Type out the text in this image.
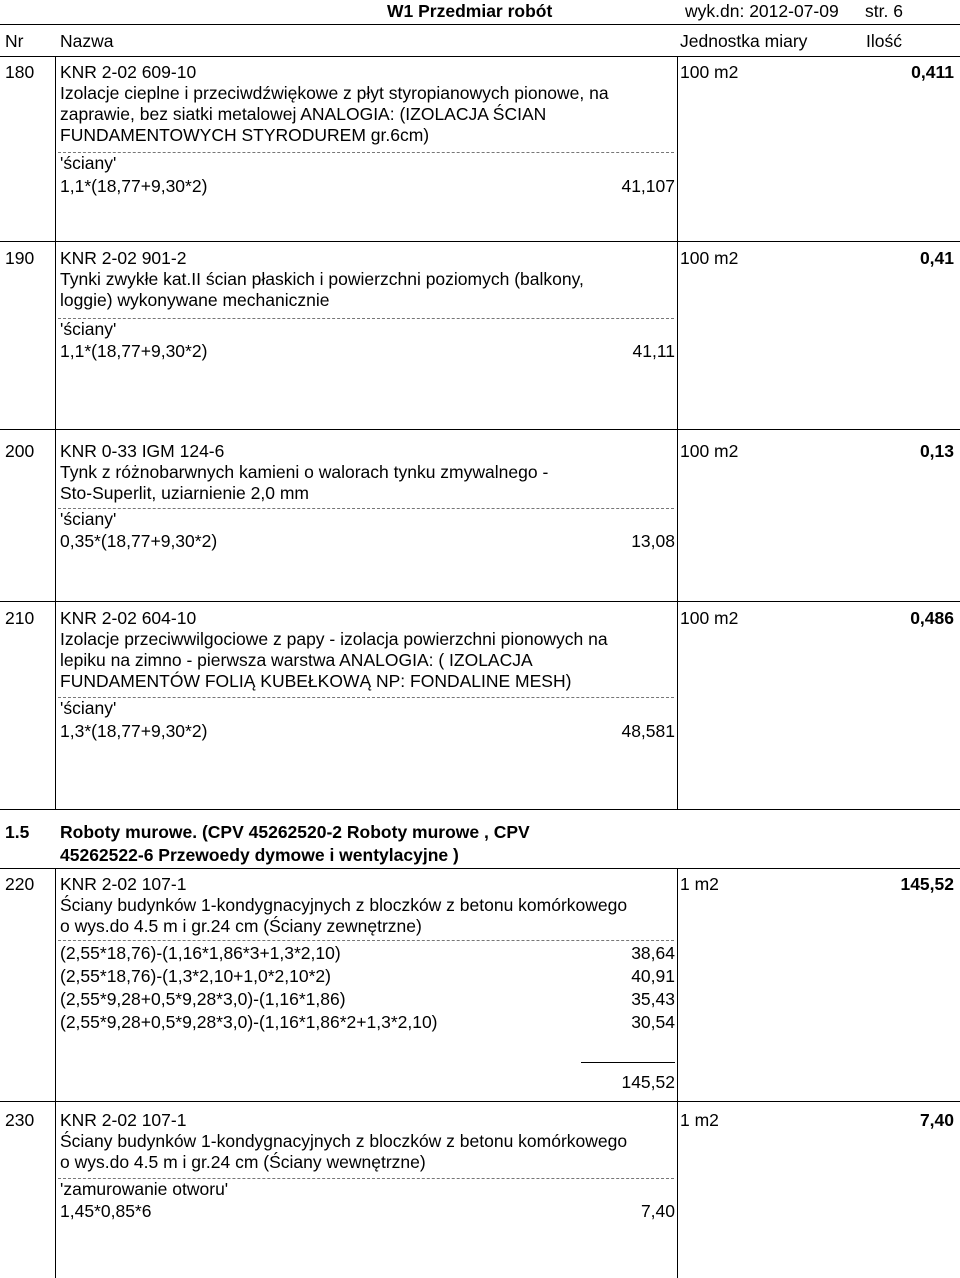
W1 Przedmiar robót	wyk.dn: 2012-07-09 str. 6
Nr Nazwa	Jednostka miary	Ilość
180 KNR 2-02 609-10
Izolacje cieplne i przeciwdźwiękowe z płyt styropianowych pionowe, na
zaprawie, bez siatki metalowej ANALOGIA: (IZOLACJA ŚCIAN
FUNDAMENTOWYCH STYRODUREM gr.6cm)
'ściany'
1,1*(18,77+9,30*2)	41,107
100 m2	0,411
190 KNR 2-02 901-2
Tynki zwykłe kat.II ścian płaskich i powierzchni poziomych (balkony,
loggie) wykonywane mechanicznie
'ściany'
1,1*(18,77+9,30*2)	41,11
100 m2	0,41
200 KNR 0-33 IGM 124-6
Tynk z różnobarwnych kamieni o walorach tynku zmywalnego -
Sto-Superlit, uziarnienie 2,0 mm
'ściany'
0,35*(18,77+9,30*2)	13,08
100 m2	0,13
210 KNR 2-02 604-10
Izolacje przeciwwilgociowe z papy - izolacja powierzchni pionowych na
lepiku na zimno - pierwsza warstwa ANALOGIA: ( IZOLACJA
FUNDAMENTÓW FOLIĄ KUBEŁKOWĄ NP: FONDALINE MESH)
'ściany'
1,3*(18,77+9,30*2)	48,581
100 m2	0,486
1.5 Roboty murowe. (CPV 45262520-2 Roboty murowe , CPV
45262522-6 Przewoedy dymowe i wentylacyjne )
220 KNR 2-02 107-1
Ściany budynków 1-kondygnacyjnych z bloczków z betonu komórkowego
o wys.do 4.5 m i gr.24 cm (Ściany zewnętrzne)
(2,55*18,76)-(1,16*1,86*3+1,3*2,10)	38,64
(2,55*18,76)-(1,3*2,10+1,0*2,10*2)	40,91
(2,55*9,28+0,5*9,28*3,0)-(1,16*1,86)	35,43
(2,55*9,28+0,5*9,28*3,0)-(1,16*1,86*2+1,3*2,10)	30,54
145,52
1 m2	145,52
230 KNR 2-02 107-1
Ściany budynków 1-kondygnacyjnych z bloczków z betonu komórkowego
o wys.do 4.5 m i gr.24 cm (Ściany wewnętrzne)
'zamurowanie otworu'
1,45*0,85*6	7,40
1 m2	7,40
